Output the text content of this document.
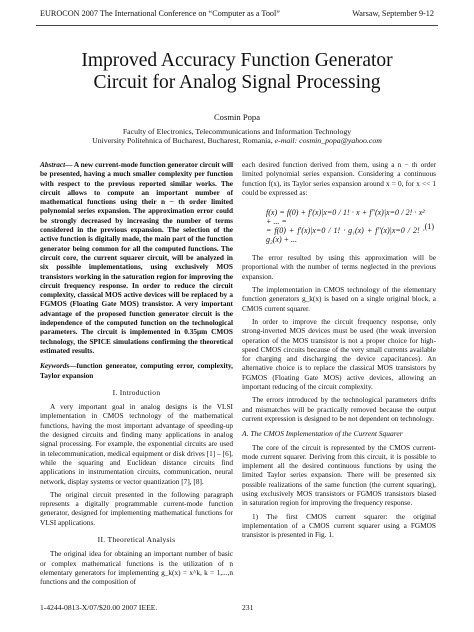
EUROCON 2007 The International Conference on “Computer as a Tool”	Warsaw, September 9-12
Improved Accuracy Function Generator
Circuit for Analog Signal Processing
Cosmin Popa
Faculty of Electronics, Telecommunications and Information Technology
University Politehnica of Bucharest, Bucharest, Romania, e-mail: cosmin_popa@yahoo.com

Abstract— A new current-mode function generator circuit will be presented, having a much smaller complexity per function with respect to the previous reported similar works. The circuit allows to compute an important number of mathematical functions using their n − th order limited polynomial series expansion. The approximation error could be strongly decreased by increasing the number of terms considered in the previous expansion. The selection of the active function is digitally made, the main part of the function generator being common for all the computed functions. The circuit core, the current squarer circuit, will be analyzed in six possible implementations, using exclusively MOS transistors working in the saturation region for improving the circuit frequency response. In order to reduce the circuit complexity, classical MOS active devices will be replaced by a FGMOS (Floating Gate MOS) transistor. A very important advantage of the proposed function generator circuit is the independence of the computed function on the technological parameters. The circuit is implemented in 0.35μm CMOS technology, the SPICE simulations confirming the theoretical estimated results.

Keywords—function generator, computing error, complexity, Taylor expansion

I. Introduction

A very important goal in analog designs is the VLSI implementation in CMOS technology of the mathematical functions, having the most important advantage of speeding-up the designed circuits and finding many applications in analog signal processing. For example, the exponential circuits are used in telecommunication, medical equipment or disk drives [1] – [6], while the squaring and Euclidean distance circuits find applications in instrumentation circuits, communication, neural network, display systems or vector quantization [7], [8].

The original circuit presented in the following paragraph represents a digitally programmable current-mode function generator, designed for implementing mathematical functions for VLSI applications.

II. Theoretical Analysis

The original idea for obtaining an important number of basic or complex mathematical functions is the utilization of n elementary generators for implementing g_k(x) = x^k, k = 1,...,n functions and the composition of

each desired function derived from them, using a n − th order limited polynomial series expansion. Considering a continuous function f(x), its Taylor series expansion around x = 0, for x << 1 could be expressed as:

f(x) = f(0) + f′(x)|x=0 / 1! · x + f″(x)|x=0 / 2! · x² + ... =
= f(0) + f′(x)|x=0 / 1! · g₁(x) + f″(x)|x=0 / 2! · g₂(x) + ...
(1)

The error resulted by using this approximation will be proportional with the number of terms neglected in the previous expansion.

The implementation in CMOS technology of the elementary function generators g_k(x) is based on a single original block, a CMOS current squarer.

In order to improve the circuit frequency response, only strong-inverted MOS devices must be used (the weak inversion operation of the MOS transistor is not a proper choice for high-speed CMOS circuits because of the very small currents available for charging and discharging the device capacitances). An alternative choice is to replace the classical MOS transistors by FGMOS (Floating Gate MOS) active devices, allowing an important reducing of the circuit complexity.

The errors introduced by the technological parameters drifts and mismatches will be practically removed because the output current expression is designed to be not dependent on technology.

A. The CMOS Implementation of the Current Squarer

The core of the circuit is represented by the CMOS current-mode current squarer. Deriving from this circuit, it is possible to implement all the desired continuous functions by using the limited Taylor series expansion. There will be presented six possible realizations of the same function (the current squaring), using exclusively MOS transistors or FGMOS transistors biased in saturation region for improving the frequency response.

1) The first CMOS current squarer: the original implementation of a CMOS current squarer using a FGMOS transistor is presented in Fig. 1.

1-4244-0813-X/07/$20.00 2007 IEEE.	231
